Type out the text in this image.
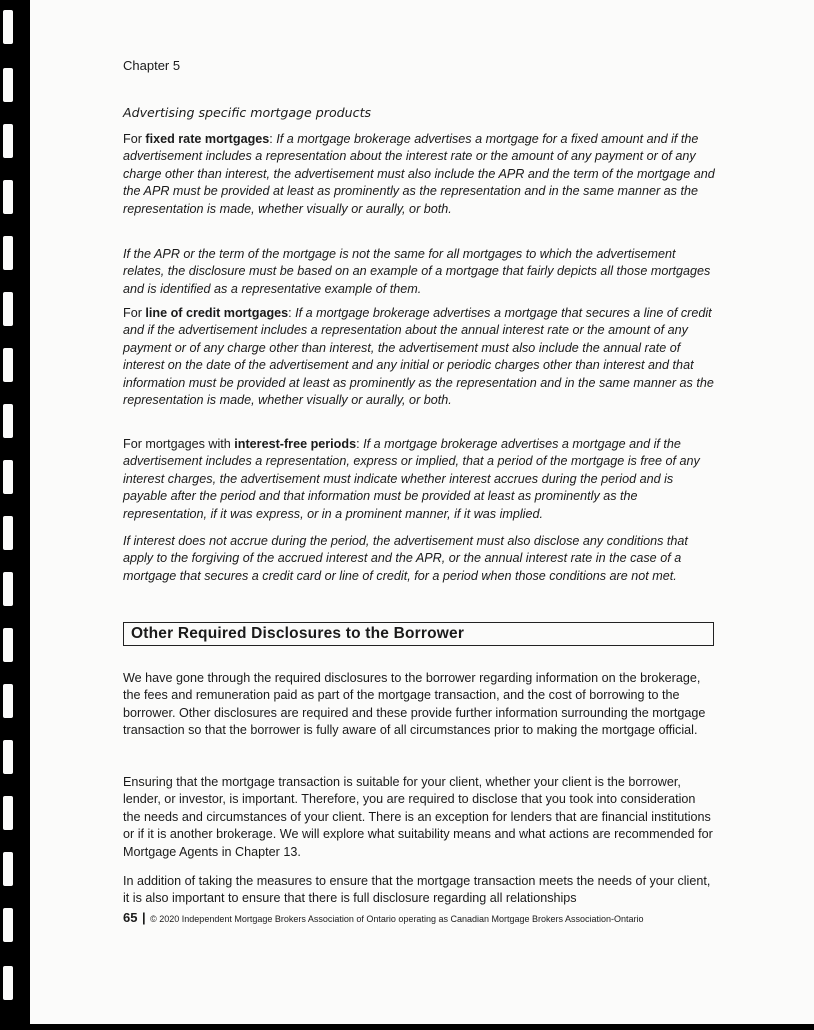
Chapter 5
Advertising specific mortgage products

For fixed rate mortgages: If a mortgage brokerage advertises a mortgage for a fixed amount and if the advertisement includes a representation about the interest rate or the amount of any payment or of any charge other than interest, the advertisement must also include the APR and the term of the mortgage and the APR must be provided at least as prominently as the representation and in the same manner as the representation is made, whether visually or aurally, or both.

If the APR or the term of the mortgage is not the same for all mortgages to which the advertisement relates, the disclosure must be based on an example of a mortgage that fairly depicts all those mortgages and is identified as a representative example of them.

For line of credit mortgages: If a mortgage brokerage advertises a mortgage that secures a line of credit and if the advertisement includes a representation about the annual interest rate or the amount of any payment or of any charge other than interest, the advertisement must also include the annual rate of interest on the date of the advertisement and any initial or periodic charges other than interest and that information must be provided at least as prominently as the representation and in the same manner as the representation is made, whether visually or aurally, or both.

For mortgages with interest-free periods: If a mortgage brokerage advertises a mortgage and if the advertisement includes a representation, express or implied, that a period of the mortgage is free of any interest charges, the advertisement must indicate whether interest accrues during the period and is payable after the period and that information must be provided at least as prominently as the representation, if it was express, or in a prominent manner, if it was implied.

If interest does not accrue during the period, the advertisement must also disclose any conditions that apply to the forgiving of the accrued interest and the APR, or the annual interest rate in the case of a mortgage that secures a credit card or line of credit, for a period when those conditions are not met.

Other Required Disclosures to the Borrower

We have gone through the required disclosures to the borrower regarding information on the brokerage, the fees and remuneration paid as part of the mortgage transaction, and the cost of borrowing to the borrower. Other disclosures are required and these provide further information surrounding the mortgage transaction so that the borrower is fully aware of all circumstances prior to making the mortgage official.

Ensuring that the mortgage transaction is suitable for your client, whether your client is the borrower, lender, or investor, is important. Therefore, you are required to disclose that you took into consideration the needs and circumstances of your client. There is an exception for lenders that are financial institutions or if it is another brokerage. We will explore what suitability means and what actions are recommended for Mortgage Agents in Chapter 13.

In addition of taking the measures to ensure that the mortgage transaction meets the needs of your client, it is also important to ensure that there is full disclosure regarding all relationships

65 | © 2020 Independent Mortgage Brokers Association of Ontario operating as Canadian Mortgage Brokers Association-Ontario
